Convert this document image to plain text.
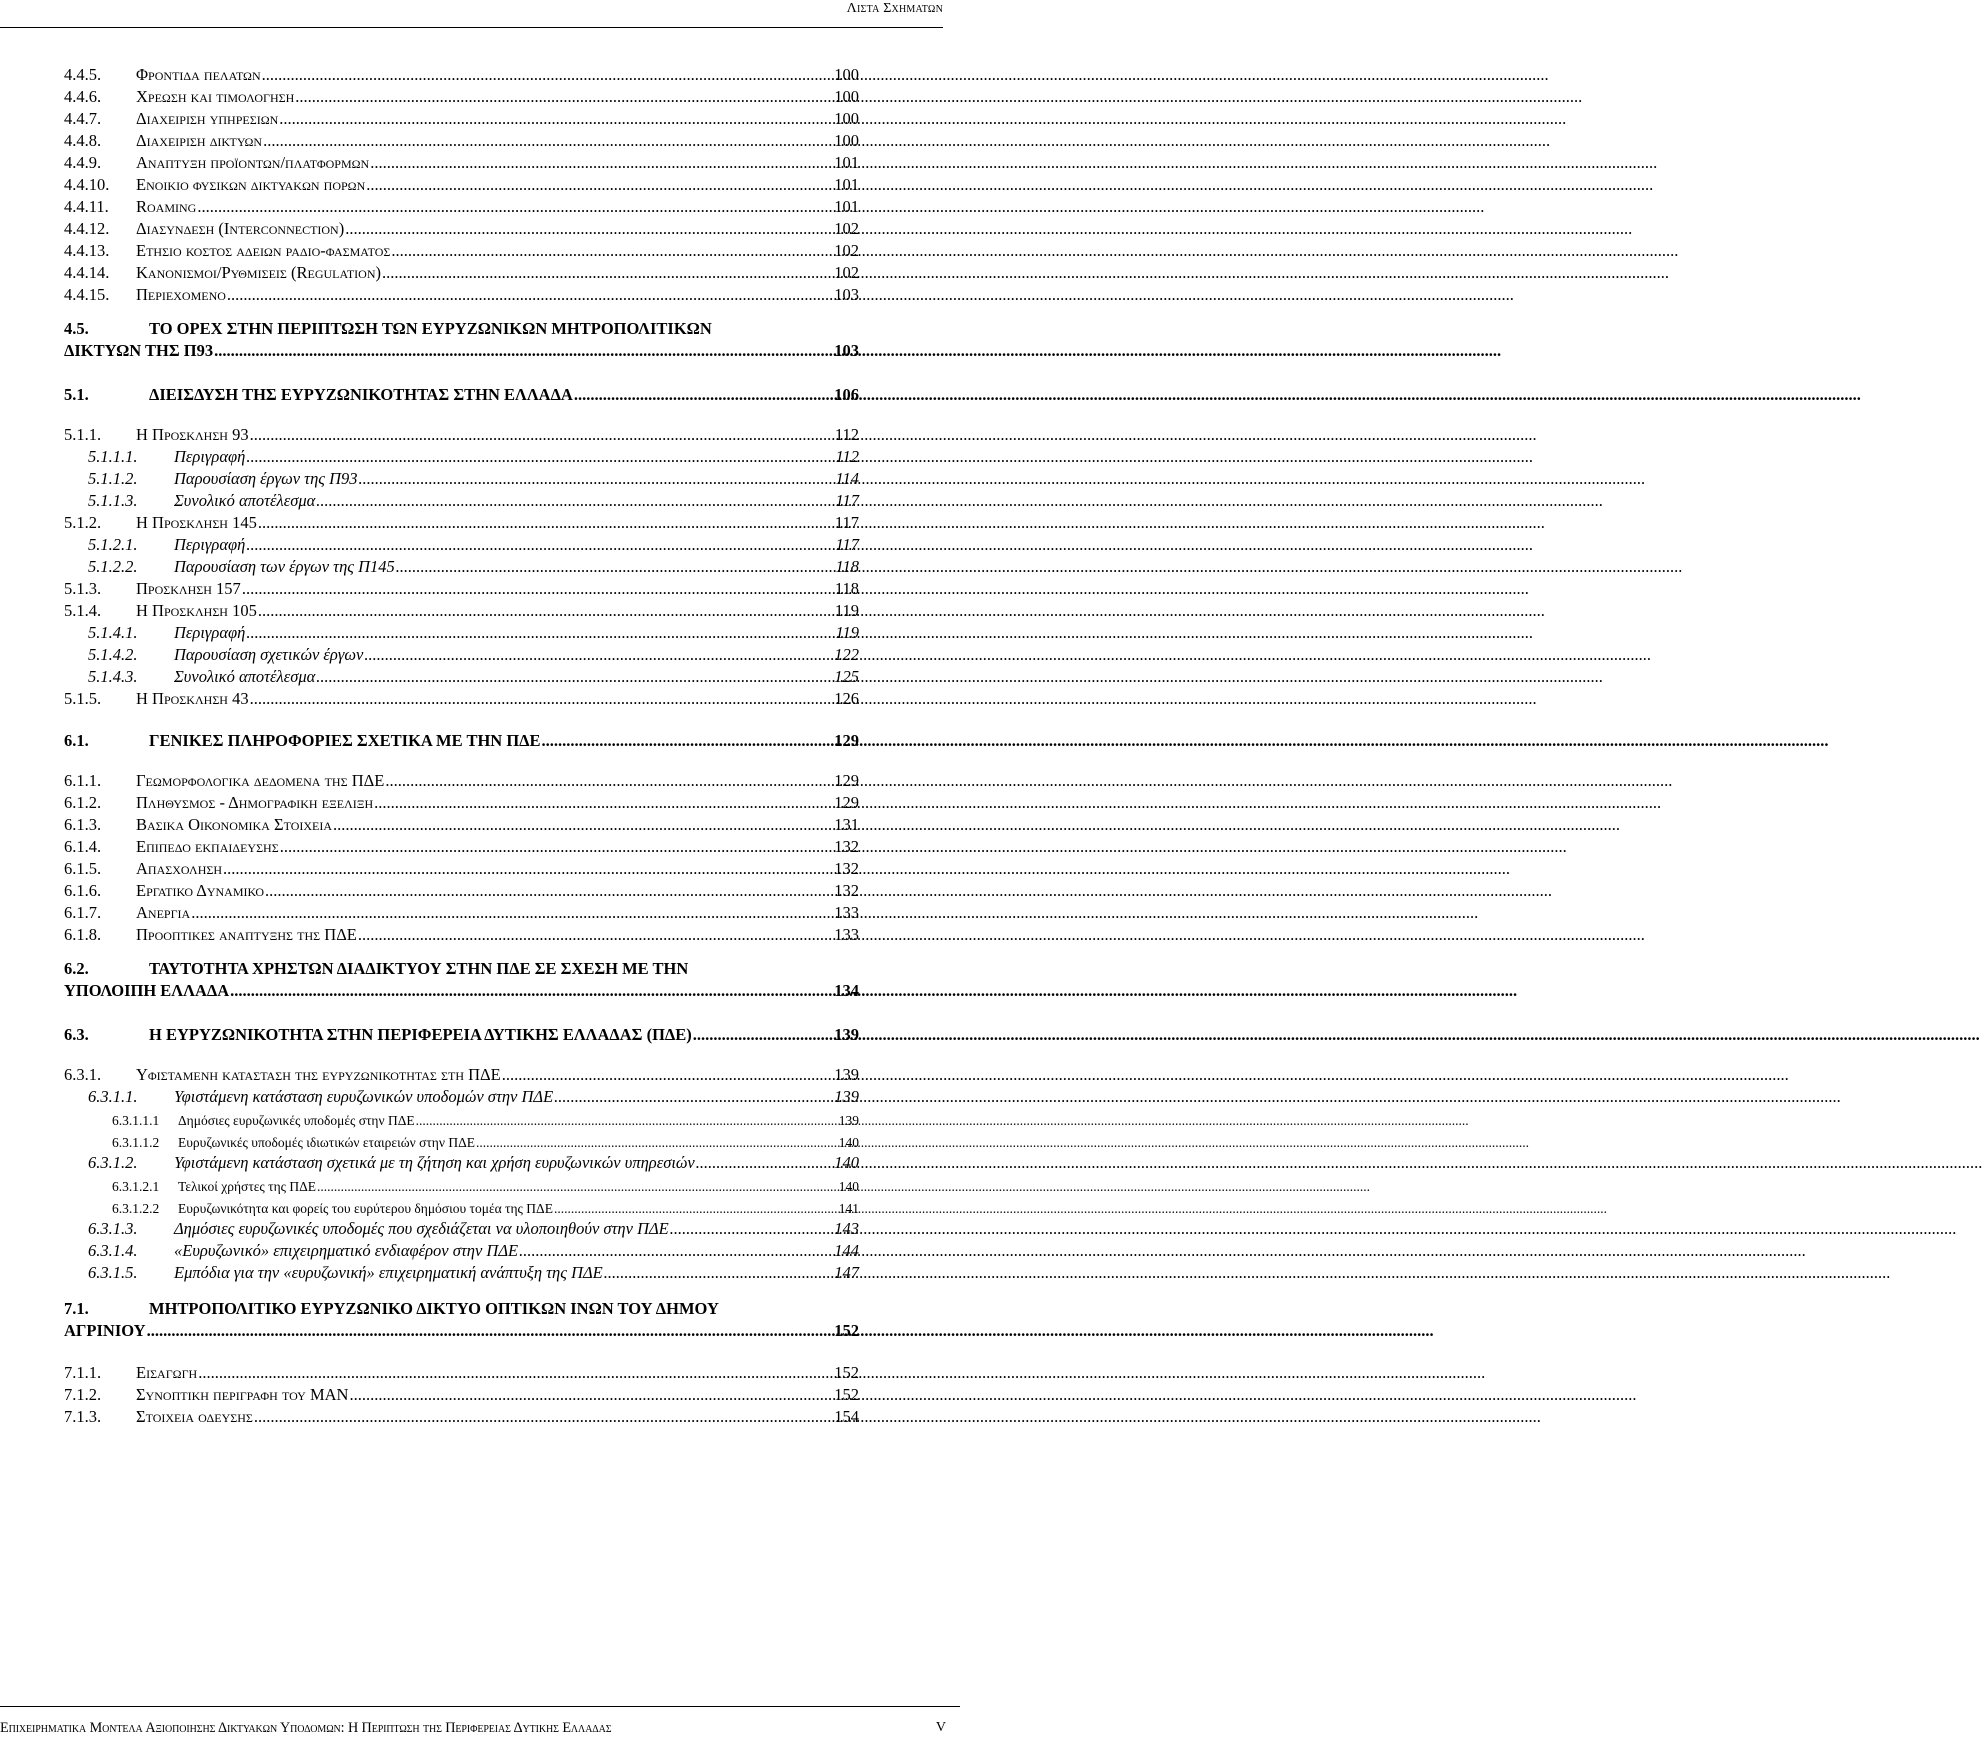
Λιστα Σχηματων
4.4.5.	Φροντιδα πελατων .....	100
4.4.6.	Χρεωση και τιμολογηση .....	100
4.4.7.	Διαχειριση υπηρεσιων .....	100
4.4.8.	Διαχειριση δικτυων .....	100
4.4.9.	Αναπτυξη προϊοντων/πλατφορμων .....	101
4.4.10.	Ενοικιο φυσικων δικτυακων πορων .....	101
4.4.11.	Roaming .....	101
4.4.12.	Διασυνδεση (Interconnection) .....	102
4.4.13.	Ετησιο κοστος αδειων ραδιο-φασματος .....	102
4.4.14.	Κανονισμοι/Ρυθμισεις (Regulation) .....	102
4.4.15.	Περιεχομενο .....	103
4.5.	ΤΟ ΟΡΕΧ ΣΤΗΝ ΠΕΡΙΠΤΩΣΗ ΤΩΝ ΕΥΡΥΖΩΝΙΚΩΝ ΜΗΤΡΟΠΟΛΙΤΙΚΩΝ
ΔΙΚΤΥΩΝ ΤΗΣ Π93 .....	103
5.1.	ΔΙΕΙΣΔΥΣΗ ΤΗΣ ΕΥΡΥΖΩΝΙΚΟΤΗΤΑΣ ΣΤΗΝ ΕΛΛΑΔΑ .....	106
5.1.1.	Η Προσκληση 93 .....	112
5.1.1.1.	Περιγραφή .....	112
5.1.1.2.	Παρουσίαση έργων της Π93 .....	114
5.1.1.3.	Συνολικό αποτέλεσμα .....	117
5.1.2.	Η Προσκληση 145 .....	117
5.1.2.1.	Περιγραφή .....	117
5.1.2.2.	Παρουσίαση των έργων της Π145 .....	118
5.1.3.	Προσκληση 157 .....	118
5.1.4.	Η Προσκληση 105 .....	119
5.1.4.1.	Περιγραφή .....	119
5.1.4.2.	Παρουσίαση σχετικών έργων .....	122
5.1.4.3.	Συνολικό αποτέλεσμα .....	125
5.1.5.	Η Προσκληση 43 .....	126
6.1.	ΓΕΝΙΚΕΣ ΠΛΗΡΟΦΟΡΙΕΣ ΣΧΕΤΙΚΑ ΜΕ ΤΗΝ ΠΔΕ .....	129
6.1.1.	Γεωμορφολογικα δεδομενα της ΠΔΕ .....	129
6.1.2.	Πληθυσμος - Δημογραφικη εξελιξη .....	129
6.1.3.	Βασικα Οικονομικα Στοιχεια .....	131
6.1.4.	Επιπεδο εκπαιδευσης .....	132
6.1.5.	Απασχοληση .....	132
6.1.6.	Εργατικο Δυναμικο .....	132
6.1.7.	Ανεργια .....	133
6.1.8.	Προοπτικες αναπτυξης της ΠΔΕ .....	133
6.2.	ΤΑΥΤΟΤΗΤΑ ΧΡΗΣΤΩΝ ΔΙΑΔΙΚΤΥΟΥ ΣΤΗΝ ΠΔΕ ΣΕ ΣΧΕΣΗ ΜΕ ΤΗΝ
ΥΠΟΛΟΙΠΗ ΕΛΛΑΔΑ .....	134
6.3.	Η ΕΥΡΥΖΩΝΙΚΟΤΗΤΑ ΣΤΗΝ ΠΕΡΙΦΕΡΕΙΑ ΔΥΤΙΚΗΣ ΕΛΛΑΔΑΣ (ΠΔΕ) .....	139
6.3.1.	Υφισταμενη καταστασh της ευρυζωνικοτητας στη ΠΔΕ .....	139
6.3.1.1.	Υφιστάμενη κατάσταση ευρυζωνικών υποδομών στην ΠΔΕ .....	139
6.3.1.1.1	Δημόσιες ευρυζωνικές υποδομές στην ΠΔΕ .....	139
6.3.1.1.2	Ευρυζωνικές υποδομές ιδιωτικών εταιρειών στην ΠΔΕ .....	140
6.3.1.2.	Υφιστάμενη κατάσταση σχετικά με τη ζήτηση και χρήση ευρυζωνικών υπηρεσιών .....	140
6.3.1.2.1	Τελικοί χρήστες της ΠΔΕ .....	140
6.3.1.2.2	Ευρυζωνικότητα και φορείς του ευρύτερου δημόσιου τομέα της ΠΔΕ .....	141
6.3.1.3.	Δημόσιες ευρυζωνικές υποδομές που σχεδιάζεται να υλοποιηθούν στην ΠΔΕ .....	143
6.3.1.4.	«Ευρυζωνικό» επιχειρηματικό ενδιαφέρον στην ΠΔΕ .....	144
6.3.1.5.	Εμπόδια για την «ευρυζωνική» επιχειρηματική ανάπτυξη της ΠΔΕ .....	147
7.1.	ΜΗΤΡΟΠΟΛΙΤΙΚΟ ΕΥΡΥΖΩΝΙΚΟ ΔΙΚΤΥΟ ΟΠΤΙΚΩΝ ΙΝΩΝ ΤΟΥ ΔΗΜΟΥ
ΑΓΡΙΝΙΟΥ .....	152
7.1.1.	Εισαγωγη .....	152
7.1.2.	Συνοπτικη περιγραφη του MAN .....	152
7.1.3.	Στοιχεια οδευσης .....	154
Επιχειρηματικα Μοντελα Αξιοποιησης Δικτυακων Υποδομων: Η Περιπτωση της Περιφερειας Δυτικης Ελλαδας	V
